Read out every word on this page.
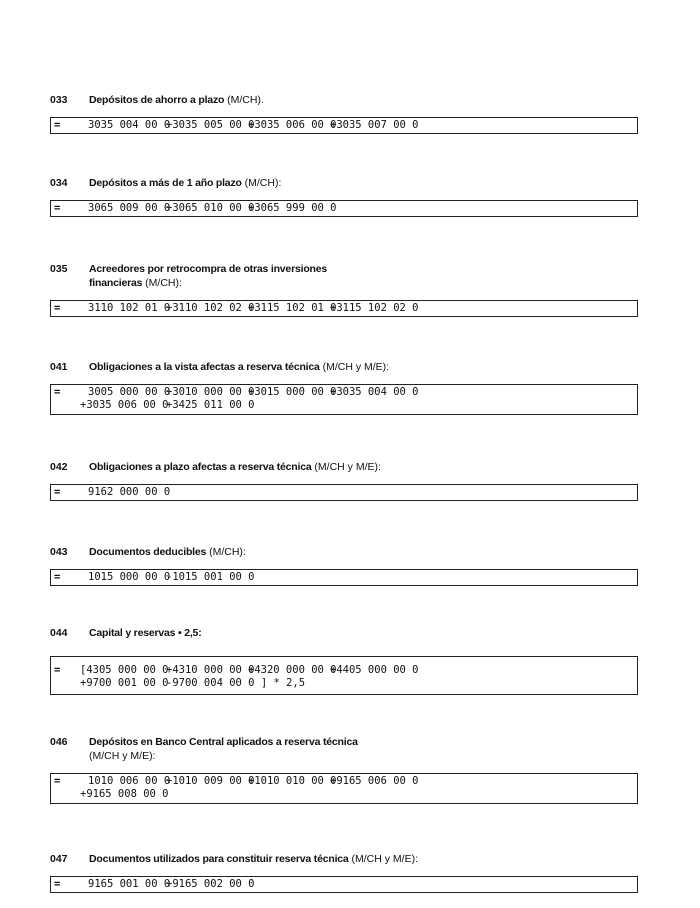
033 Depósitos de ahorro a plazo (M/CH).
=	3035 004 00 0
+3035 005 00 0
+3035 006 00 0
+3035 007 00 0
034 Depósitos a más de 1 año plazo (M/CH):
=	3065 009 00 0
+3065 010 00 0
+3065 999 00 0
035 Acreedores por retrocompra de otras inversiones financieras (M/CH):
=	3110 102 01 0
+3110 102 02 0
+3115 102 01 0
+3115 102 02 0
041 Obligaciones a la vista afectas a reserva técnica (M/CH y M/E):
=	3005 000 00 0
+3010 000 00 0
+3015 000 00 0
+3035 004 00 0
+3035 006 00 0
+3425 011 00 0
042 Obligaciones a plazo afectas a reserva técnica (M/CH y M/E):
=	9162 000 00 0
043 Documentos deducibles (M/CH):
=	1015 000 00 0
-1015 001 00 0
044 Capital y reservas • 2,5:
= [4305 000 00 0
+4310 000 00 0
+4320 000 00 0
+4405 000 00 0
+9700 001 00 0
-9700 004 00 0 ] * 2,5
046 Depósitos en Banco Central aplicados a reserva técnica (M/CH y M/E):
=	1010 006 00 0
+1010 009 00 0
+1010 010 00 0
+9165 006 00 0
+9165 008 00 0
047 Documentos utilizados para constituir reserva técnica (M/CH y M/E):
=	9165 001 00 0
+9165 002 00 0
